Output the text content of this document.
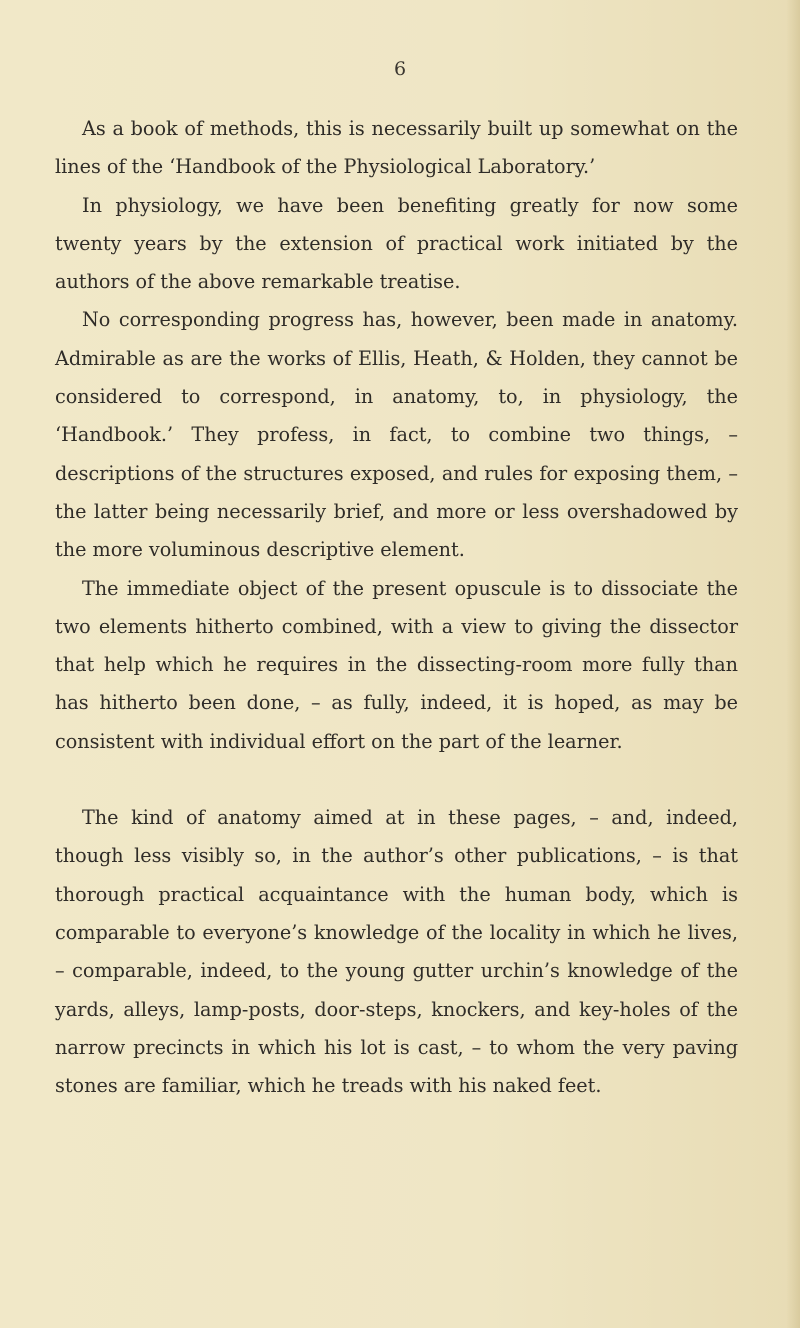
6

As a book of methods, this is necessarily built up somewhat on the lines of the ‘Handbook of the Physiological Laboratory.’

In physiology, we have been benefiting greatly for now some twenty years by the extension of practical work initiated by the authors of the above remarkable treatise.

No corresponding progress has, however, been made in anatomy. Admirable as are the works of Ellis, Heath, & Holden, they cannot be considered to correspond, in anatomy, to, in physiology, the ‘Handbook.’ They profess, in fact, to combine two things, – descriptions of the structures exposed, and rules for exposing them, – the latter being necessarily brief, and more or less overshadowed by the more voluminous descriptive element.

The immediate object of the present opuscule is to dissociate the two elements hitherto combined, with a view to giving the dissector that help which he requires in the dissecting-room more fully than has hitherto been done, – as fully, indeed, it is hoped, as may be consistent with individual effort on the part of the learner.

The kind of anatomy aimed at in these pages, – and, indeed, though less visibly so, in the author’s other publications, – is that thorough practical acquaintance with the human body, which is comparable to everyone’s knowledge of the locality in which he lives, – comparable, indeed, to the young gutter urchin’s knowledge of the yards, alleys, lamp-posts, door-steps, knockers, and key-holes of the narrow precincts in which his lot is cast, – to whom the very paving stones are familiar, which he treads with his naked feet.
